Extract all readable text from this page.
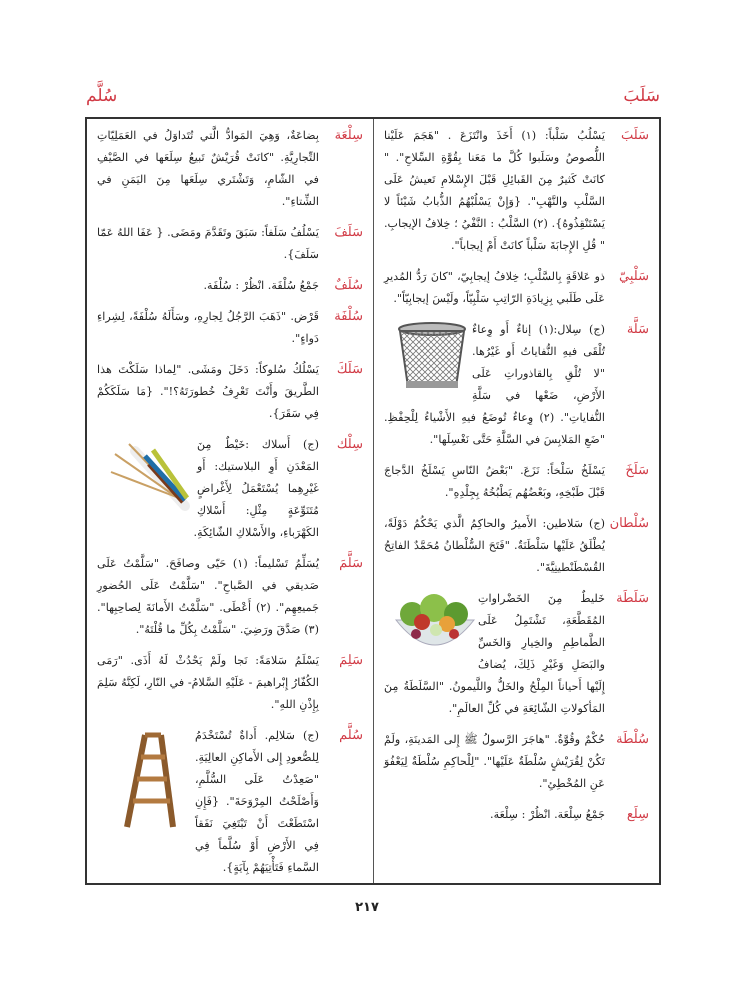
سَلَبَ
سُلَّم
سَلَبَ
يَسْلُبُ سَلْباً: (١) أَخَذَ وانْتَزَعَ . "هَجَمَ عَلَيْنا اللُّصوصُ وسَلَبوا كُلَّ ما مَعَنا بِقُوَّةِ السِّلاحِ". " كانَتْ كَثيرٌ مِنَ القَبائِلِ قَبْلَ الإِسْلامِ تَعيشُ عَلَى السَّلْبِ والنَّهْبِ". {وَإِنْ يَسْلُبْهُمُ الذُّبابُ شَيْئاً لا يَسْتَنْقِذُوهُ}. (٢) السَّلْبُ : النَّفْيُ ؛ خِلافُ الإيجابِ. " قُلِ الإِجابَةَ سَلْباً كانَتْ أَمْ إيجاباً".
سَلْبِيّ
ذو عَلاقَةٍ بِالسَّلْبِ؛ خِلافُ إيجابِيّ، "كانَ رَدُّ المُديرِ عَلَى طَلَبي بِزِيادَةِ الرّاتِبِ سَلْبِيّاً، ولَيْسَ إيجابِيّاً".
سَلَّة
(ج) سِلال:(١) إناءٌ أَو وِعاءٌ تُلْقَى فيهِ النُّفاياتُ أَو غَيْرُها. "لا تُلْقِ بِالقاذوراتِ عَلَى الأَرْضِ، ضَعْها في سَلَّةِ النُّفاياتِ". (٢) وِعاءٌ تُوضَعُ فيهِ الأَشْياءُ لِلْحِفْظِ. "ضَعِ المَلابِسَ في السَّلَّةِ حَتَّى نَغْسِلَها".
سَلَخَ
يَسْلَخُ سَلْخاً: نَزَعَ. "بَعْضُ النّاسِ يَسْلَخُ الدَّجاجَ قَبْلَ طَبْخِهِ، وبَعْضُهُم يَطْبُخُهُ بِجِلْدِهِ".
سُلْطان
(ج) سَلاطين: الأَميرُ والحاكِمُ الَّذي يَحْكُمُ دَوْلَةً، يُطْلَقُ عَلَيْها سَلْطَنَةٌ. "فَتَحَ السُّلْطانُ مُحَمَّدٌ الفاتِحُ القُسْطَنْطينِيَّةَ".
سَلَطَة
خَليطٌ مِنَ الخَضْراواتِ المُقَطَّعَةِ، تَشْتَمِلُ عَلَى الطَّماطِمِ والخِيارِ وَالخَسِّ والبَصَلِ وَغَيْرِ ذَلِكَ، يُضافُ إِلَيْها أَحياناً المِلْحُ والخَلُّ واللَّيمونُ. "السَّلَطَةُ مِنَ المَأكولاتِ الشّائِعَةِ في كُلِّ العالَمِ".
سُلْطَة
حُكْمٌ وقُوَّةٌ. "هاجَرَ الرَّسولُ ﷺ إِلى المَدينَةِ، ولَمْ تَكُنْ لِقُرَيْشٍ سُلْطَةٌ عَلَيْها". "لِلْحاكِمِ سُلْطَةٌ لِيَعْفُوَ عَنِ المُخْطِئِ".
سِلَع
جَمْعُ سِلْعَة. انْظُرْ : سِلْعَة.
سِلْعَة
بِضاعَةٌ، وَهِيَ المَوادُّ الَّتي تُتَداوَلُ في العَمَلِيّاتِ التِّجارِيَّةِ. "كانَتْ قُرَيْشٌ تَبيعُ سِلَعَها في الصَّيْفِ في الشّامِ، وَتَشْتَري سِلَعَها مِنَ اليَمَنِ في الشِّتاءِ".
سَلَفَ
يَسْلُفُ سَلَفاً: سَبَقَ وتَقَدَّمَ ومَضَى. { عَفَا اللهُ عَمّا سَلَفَ}.
سُلَفٌ
جَمْعُ سُلْفَة. انْظُرْ : سُلْفَة.
سُلْفَة
قَرْض. "ذَهَبَ الرَّجُلُ لِجارِهِ، وسَأَلَهُ سُلْفَةً، لِشِراءِ دَواءٍ".
سَلَكَ
يَسْلُكُ سُلوكاً: دَخَلَ ومَشَى. "لِماذا سَلَكْتَ هذا الطَّريقَ وأَنْتَ تَعْرِفُ خُطورَتَهُ؟!". {مَا سَلَكَكُمْ فِي سَقَرَ}.
سِلْك
(ج) أَسلاك :خَيْطٌ مِنَ المَعْدَنِ أَوِ البلاستيك: أَو غَيْرِهِما يُسْتَعْمَلُ لِأَغْراضٍ مُتَنَوِّعَةٍ مِثْلِ: أَسْلاكِ الكَهْرَباءِ، والأَسْلاكِ الشّائِكَةِ.
سَلَّمَ
يُسَلِّمُ تَسْليماً: (١) حَيّى وصافَحَ. "سَلَّمْتُ عَلَى صَديقي في الصَّباحِ". "سَلَّمْتُ عَلَى الحُضورِ جَميعِهِم". (٢) أَعْطَى. "سَلَّمْتُ الأَمانَةَ لِصاحِبِها". (٣) صَدَّقَ ورَضِيَ. "سَلَّمْتُ بِكُلِّ ما قُلْتَهُ".
سَلِمَ
يَسْلَمُ سَلامَةً: نَجا ولَمْ يَحْدُثْ لَهُ أَذَى. "رَمَى الكُفّارُ إِبْراهيمَ - عَلَيْهِ السَّلامُ- في النّارِ، لَكِنَّهُ سَلِمَ بِإِذْنِ اللهِ".
سُلَّم
(ج) سَلالِم. أَداةٌ تُسْتَخْدَمُ لِلصُّعودِ إِلى الأَماكِنِ العالِيَةِ. "صَعِدْتُ عَلَى السُّلَّمِ، وَأَصْلَحْتُ المِرْوَحَةَ". {فَإِنِ اسْتَطَعْتَ أَنْ تَبْتَغِيَ نَفَقاً فِي الأَرْضِ أَوْ سُلَّماً فِي السَّماءِ فَتَأْتِيَهُمْ بِآيَةٍ}.
٢١٧
